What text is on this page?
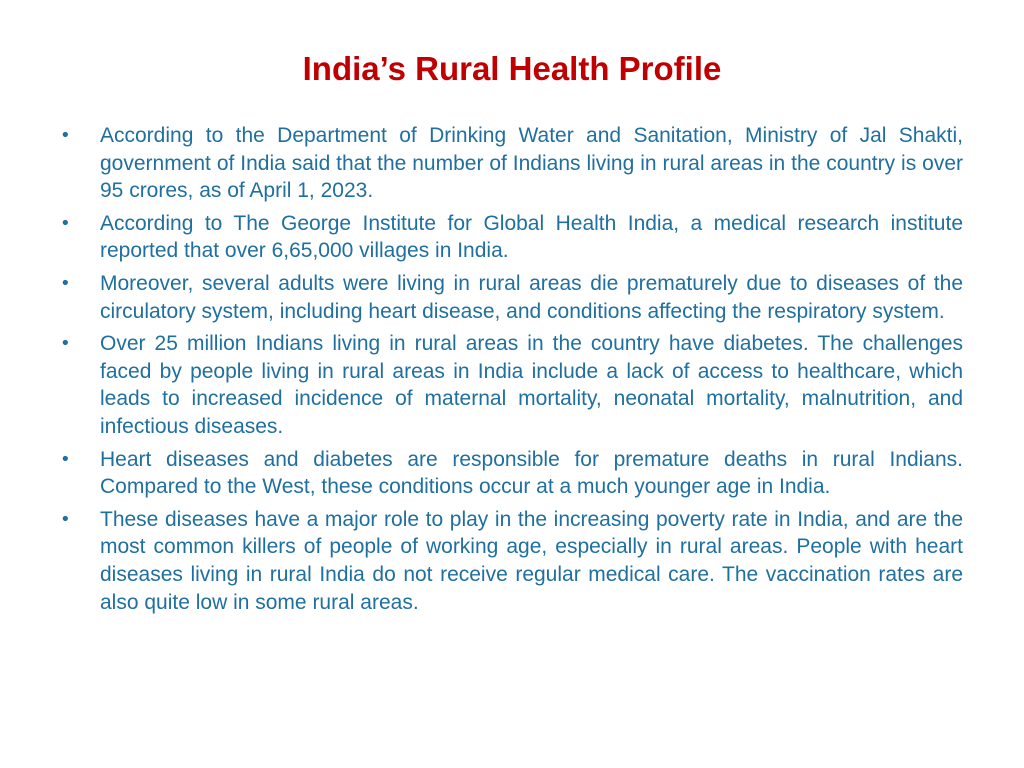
India’s Rural Health Profile
• According to the Department of Drinking Water and Sanitation, Ministry of Jal Shakti, government of India said that the number of Indians living in rural areas in the country is over 95 crores, as of April 1, 2023.
• According to The George Institute for Global Health India, a medical research institute reported that over 6,65,000 villages in India.
• Moreover, several adults were living in rural areas die prematurely due to diseases of the circulatory system, including heart disease, and conditions affecting the respiratory system.
• Over 25 million Indians living in rural areas in the country have diabetes. The challenges faced by people living in rural areas in India include a lack of access to healthcare, which leads to increased incidence of maternal mortality, neonatal mortality, malnutrition, and infectious diseases.
• Heart diseases and diabetes are responsible for premature deaths in rural Indians. Compared to the West, these conditions occur at a much younger age in India.
• These diseases have a major role to play in the increasing poverty rate in India, and are the most common killers of people of working age, especially in rural areas. People with heart diseases living in rural India do not receive regular medical care. The vaccination rates are also quite low in some rural areas.
